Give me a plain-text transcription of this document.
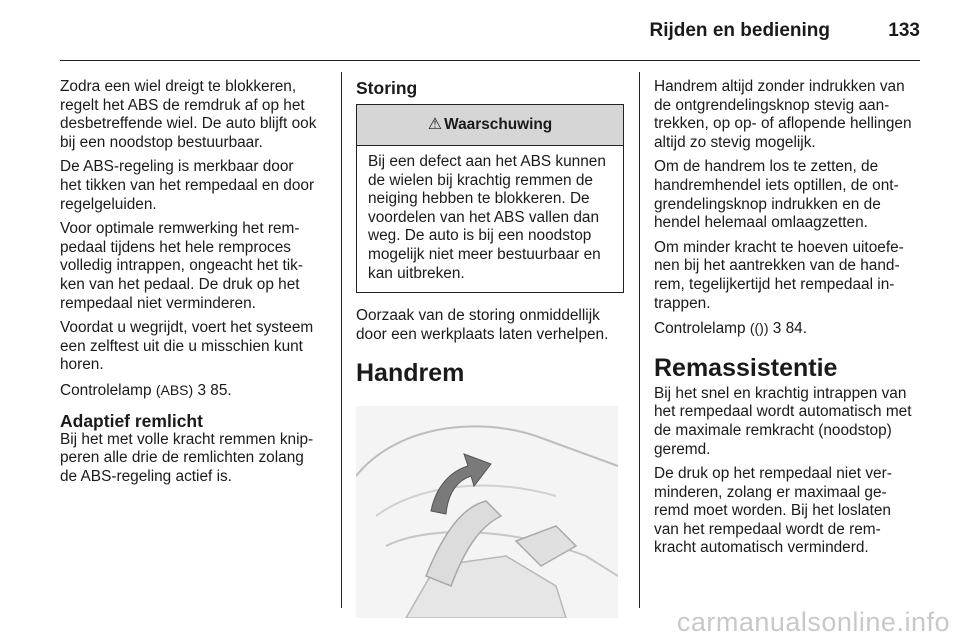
Rijden en bediening	133

Zodra een wiel dreigt te blokkeren,
regelt het ABS de remdruk af op het
desbetreffende wiel. De auto blijft ook
bij een noodstop bestuurbaar.

De ABS-regeling is merkbaar door
het tikken van het rempedaal en door
regelgeluiden.

Voor optimale remwerking het rem-
pedaal tijdens het hele remproces
volledig intrappen, ongeacht het tik-
ken van het pedaal. De druk op het
rempedaal niet verminderen.

Voordat u wegrijdt, voert het systeem
een zelftest uit die u misschien kunt
horen.

Controlelamp (ABS) 3 85.

Adaptief remlicht

Bij het met volle kracht remmen knip-
peren alle drie de remlichten zolang
de ABS-regeling actief is.

Storing
⚠ Waarschuwing
Bij een defect aan het ABS kunnen
de wielen bij krachtig remmen de
neiging hebben te blokkeren. De
voordelen van het ABS vallen dan
weg. De auto is bij een noodstop
mogelijk niet meer bestuurbaar en
kan uitbreken.

Oorzaak van de storing onmiddellijk
door een werkplaats laten verhelpen.

Handrem

Handrem altijd zonder indrukken van
de ontgrendelingsknop stevig aan-
trekken, op op- of aflopende hellingen
altijd zo stevig mogelijk.

Om de handrem los te zetten, de
handremhendel iets optillen, de ont-
grendelingsknop indrukken en de
hendel helemaal omlaagzetten.

Om minder kracht te hoeven uitoefe-
nen bij het aantrekken van de hand-
rem, tegelijkertijd het rempedaal in-
trappen.

Controlelamp (()) 3 84.

Remassistentie

Bij het snel en krachtig intrappen van
het rempedaal wordt automatisch met
de maximale remkracht (noodstop)
geremd.

De druk op het rempedaal niet ver-
minderen, zolang er maximaal ge-
remd moet worden. Bij het loslaten
van het rempedaal wordt de rem-
kracht automatisch verminderd.

carmanualsonline.info
